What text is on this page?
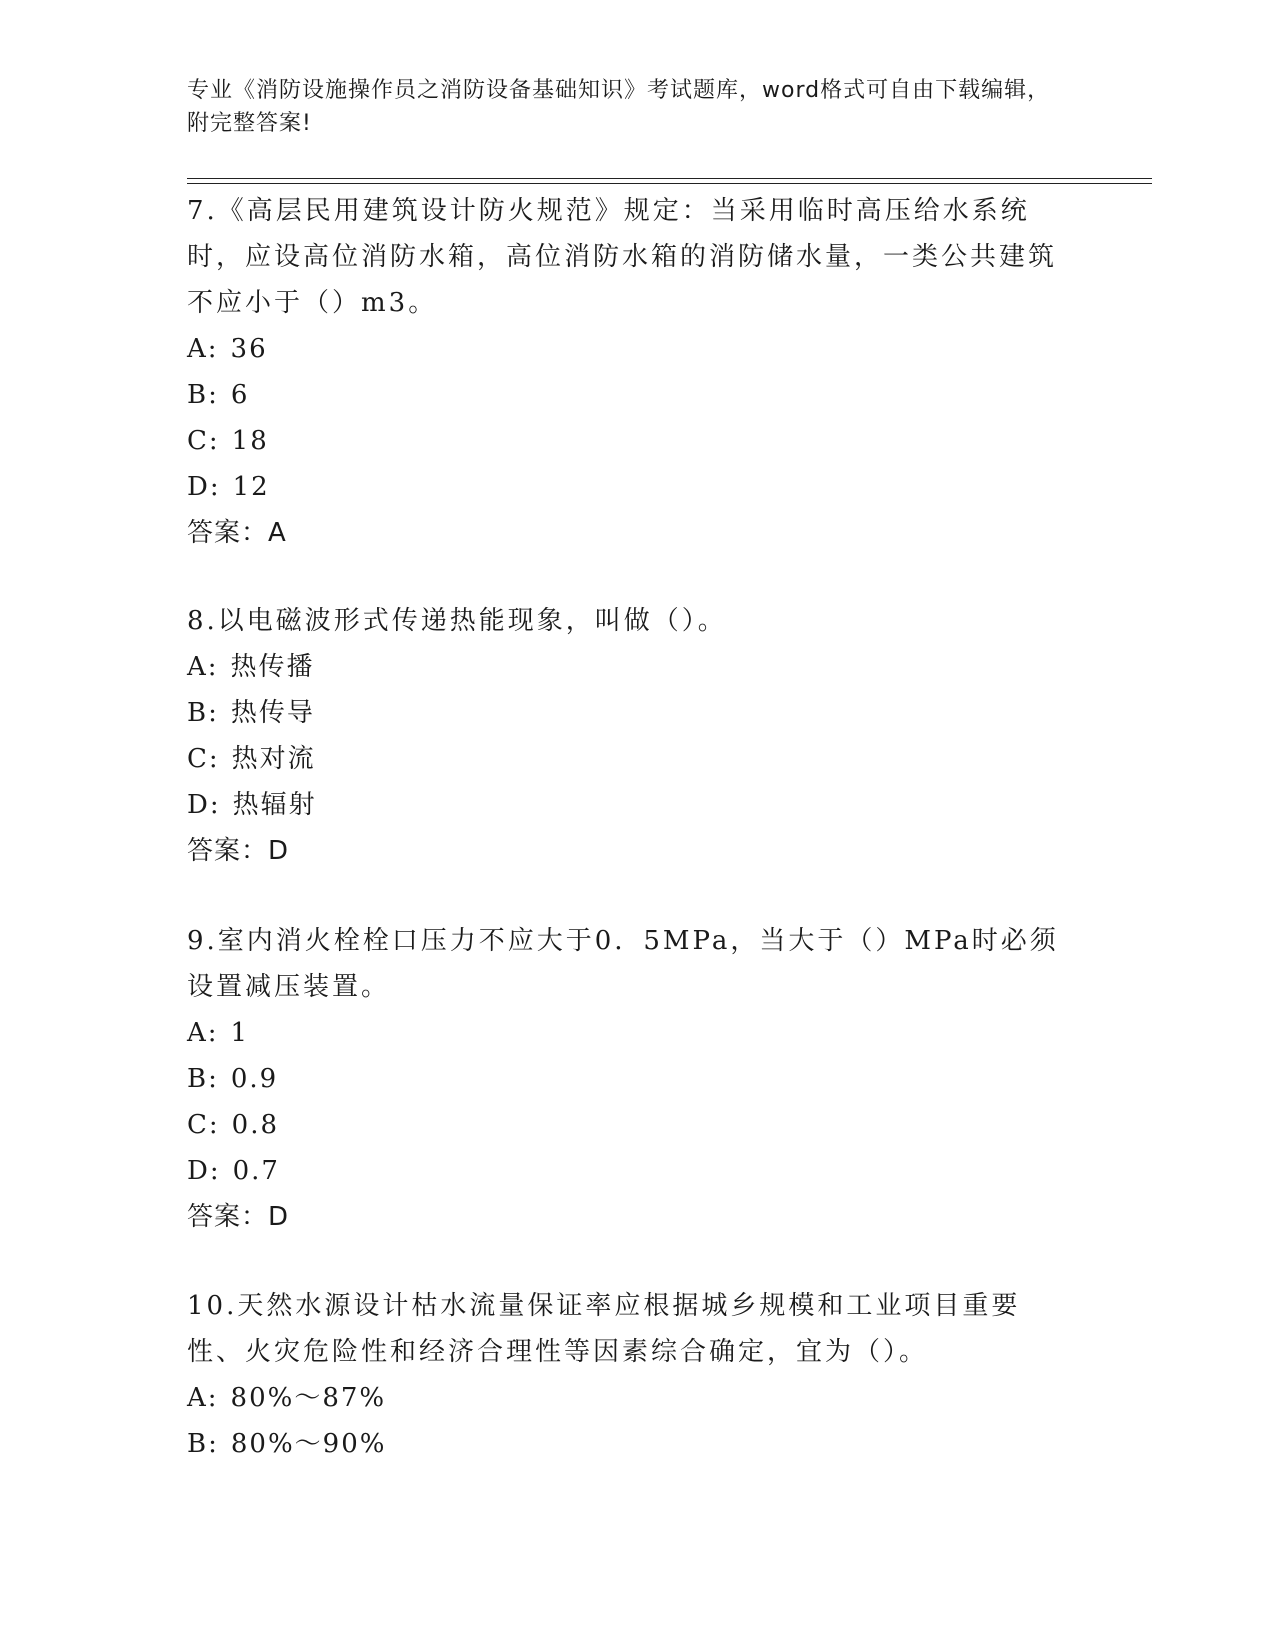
专业《消防设施操作员之消防设备基础知识》考试题库，word格式可自由下载编辑，附完整答案!

7.《高层民用建筑设计防火规范》规定：当采用临时高压给水系统时，应设高位消防水箱，高位消防水箱的消防储水量，一类公共建筑不应小于（）m3。

A: 36
B: 6
C: 18
D: 12
答案：A

8.以电磁波形式传递热能现象，叫做（）。

A: 热传播
B: 热传导
C: 热对流
D: 热辐射
答案：D

9.室内消火栓栓口压力不应大于0．5MPa，当大于（）MPa时必须设置减压装置。

A: 1
B: 0.9
C: 0.8
D: 0.7
答案：D

10.天然水源设计枯水流量保证率应根据城乡规模和工业项目重要性、火灾危险性和经济合理性等因素综合确定，宜为（）。

A: 80%～87%
B: 80%～90%
